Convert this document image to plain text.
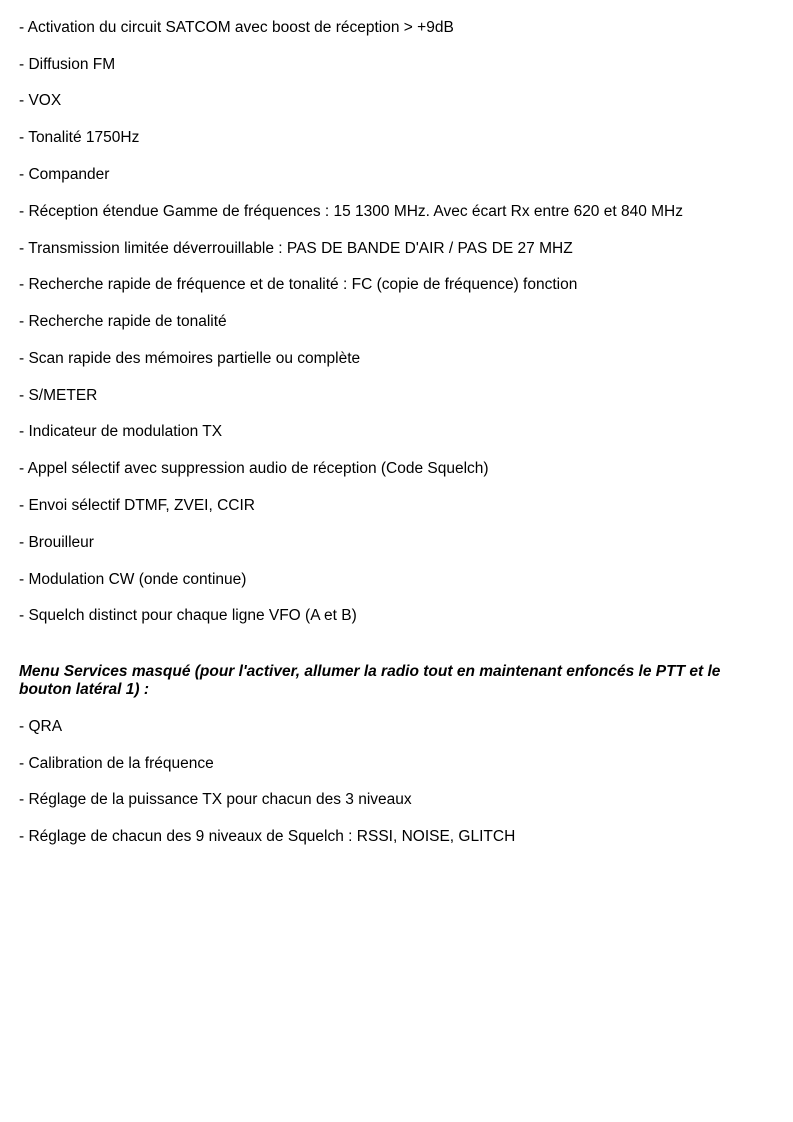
- Activation du circuit SATCOM avec boost de réception > +9dB
- Diffusion FM
- VOX
- Tonalité 1750Hz
- Compander
- Réception étendue Gamme de fréquences : 15 1300 MHz. Avec écart Rx entre 620 et 840 MHz
- Transmission limitée déverrouillable : PAS DE BANDE D'AIR / PAS DE 27 MHZ
- Recherche rapide de fréquence et de tonalité : FC (copie de fréquence) fonction
- Recherche rapide de tonalité
- Scan rapide des mémoires partielle ou complète
- S/METER
- Indicateur de modulation TX
- Appel sélectif avec suppression audio de réception (Code Squelch)
- Envoi sélectif DTMF, ZVEI, CCIR
- Brouilleur
- Modulation CW (onde continue)
- Squelch distinct pour chaque ligne VFO (A et B)
Menu Services masqué (pour l'activer, allumer la radio tout en maintenant enfoncés le PTT et le bouton latéral 1) :
- QRA
- Calibration de la fréquence
- Réglage de la puissance TX pour chacun des 3 niveaux
- Réglage de chacun des 9 niveaux de Squelch : RSSI, NOISE, GLITCH
